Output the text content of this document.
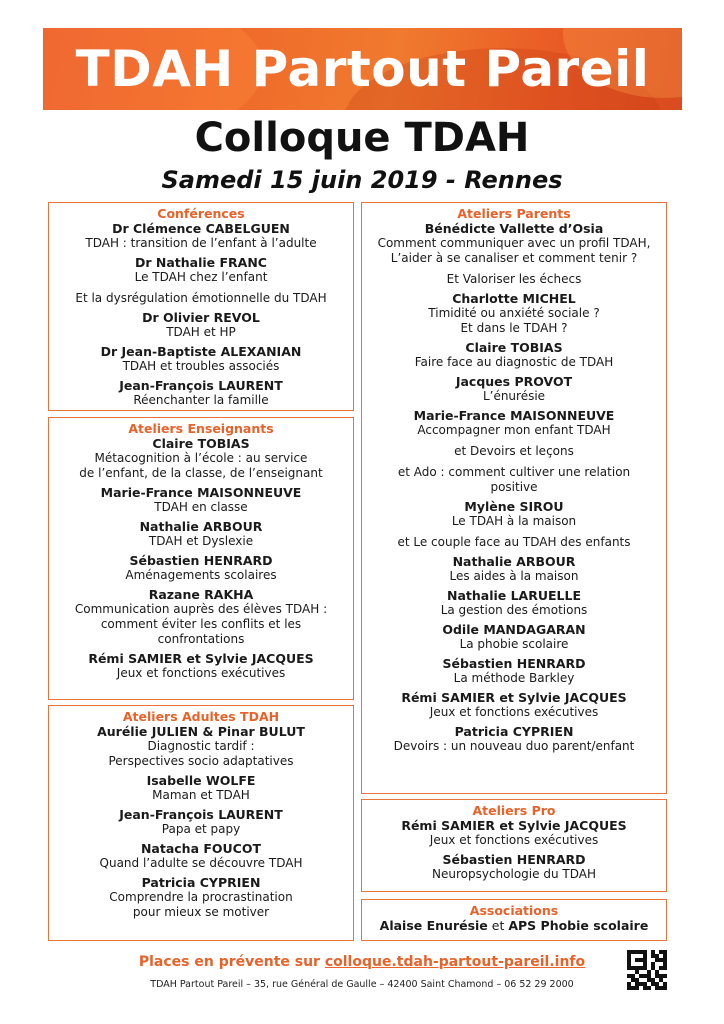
TDAH Partout Pareil
Colloque TDAH
Samedi 15 juin 2019 - Rennes
Conférences
Dr Clémence CABELGUEN
TDAH : transition de l’enfant à l’adulte
Dr Nathalie FRANC
Le TDAH chez l’enfant
Et la dysrégulation émotionnelle du TDAH
Dr Olivier REVOL
TDAH et HP
Dr Jean-Baptiste ALEXANIAN
TDAH et troubles associés
Jean-François LAURENT
Réenchanter la famille
Ateliers Enseignants
Claire TOBIAS
Métacognition à l’école : au service
de l’enfant, de la classe, de l’enseignant
Marie-France MAISONNEUVE
TDAH en classe
Nathalie ARBOUR
TDAH et Dyslexie
Sébastien HENRARD
Aménagements scolaires
Razane RAKHA
Communication auprès des élèves TDAH :
comment éviter les conflits et les
confrontations
Rémi SAMIER et Sylvie JACQUES
Jeux et fonctions exécutives
Ateliers Adultes TDAH
Aurélie JULIEN & Pinar BULUT
Diagnostic tardif :
Perspectives socio adaptatives
Isabelle WOLFE
Maman et TDAH
Jean-François LAURENT
Papa et papy
Natacha FOUCOT
Quand l’adulte se découvre TDAH
Patricia CYPRIEN
Comprendre la procrastination
pour mieux se motiver
Ateliers Parents
Bénédicte Vallette d’Osia
Comment communiquer avec un profil TDAH,
L’aider à se canaliser et comment tenir ?
Et Valoriser les échecs
Charlotte MICHEL
Timidité ou anxiété sociale ?
Et dans le TDAH ?
Claire TOBIAS
Faire face au diagnostic de TDAH
Jacques PROVOT
L’énurésie
Marie-France MAISONNEUVE
Accompagner mon enfant TDAH
et Devoirs et leçons
et Ado : comment cultiver une relation
positive
Mylène SIROU
Le TDAH à la maison
et Le couple face au TDAH des enfants
Nathalie ARBOUR
Les aides à la maison
Nathalie LARUELLE
La gestion des émotions
Odile MANDAGARAN
La phobie scolaire
Sébastien HENRARD
La méthode Barkley
Rémi SAMIER et Sylvie JACQUES
Jeux et fonctions exécutives
Patricia CYPRIEN
Devoirs : un nouveau duo parent/enfant
Ateliers Pro
Rémi SAMIER et Sylvie JACQUES
Jeux et fonctions exécutives
Sébastien HENRARD
Neuropsychologie du TDAH
Associations
Alaise Enurésie et APS Phobie scolaire
Places en prévente sur colloque.tdah-partout-pareil.info
TDAH Partout Pareil – 35, rue Général de Gaulle – 42400 Saint Chamond – 06 52 29 2000
